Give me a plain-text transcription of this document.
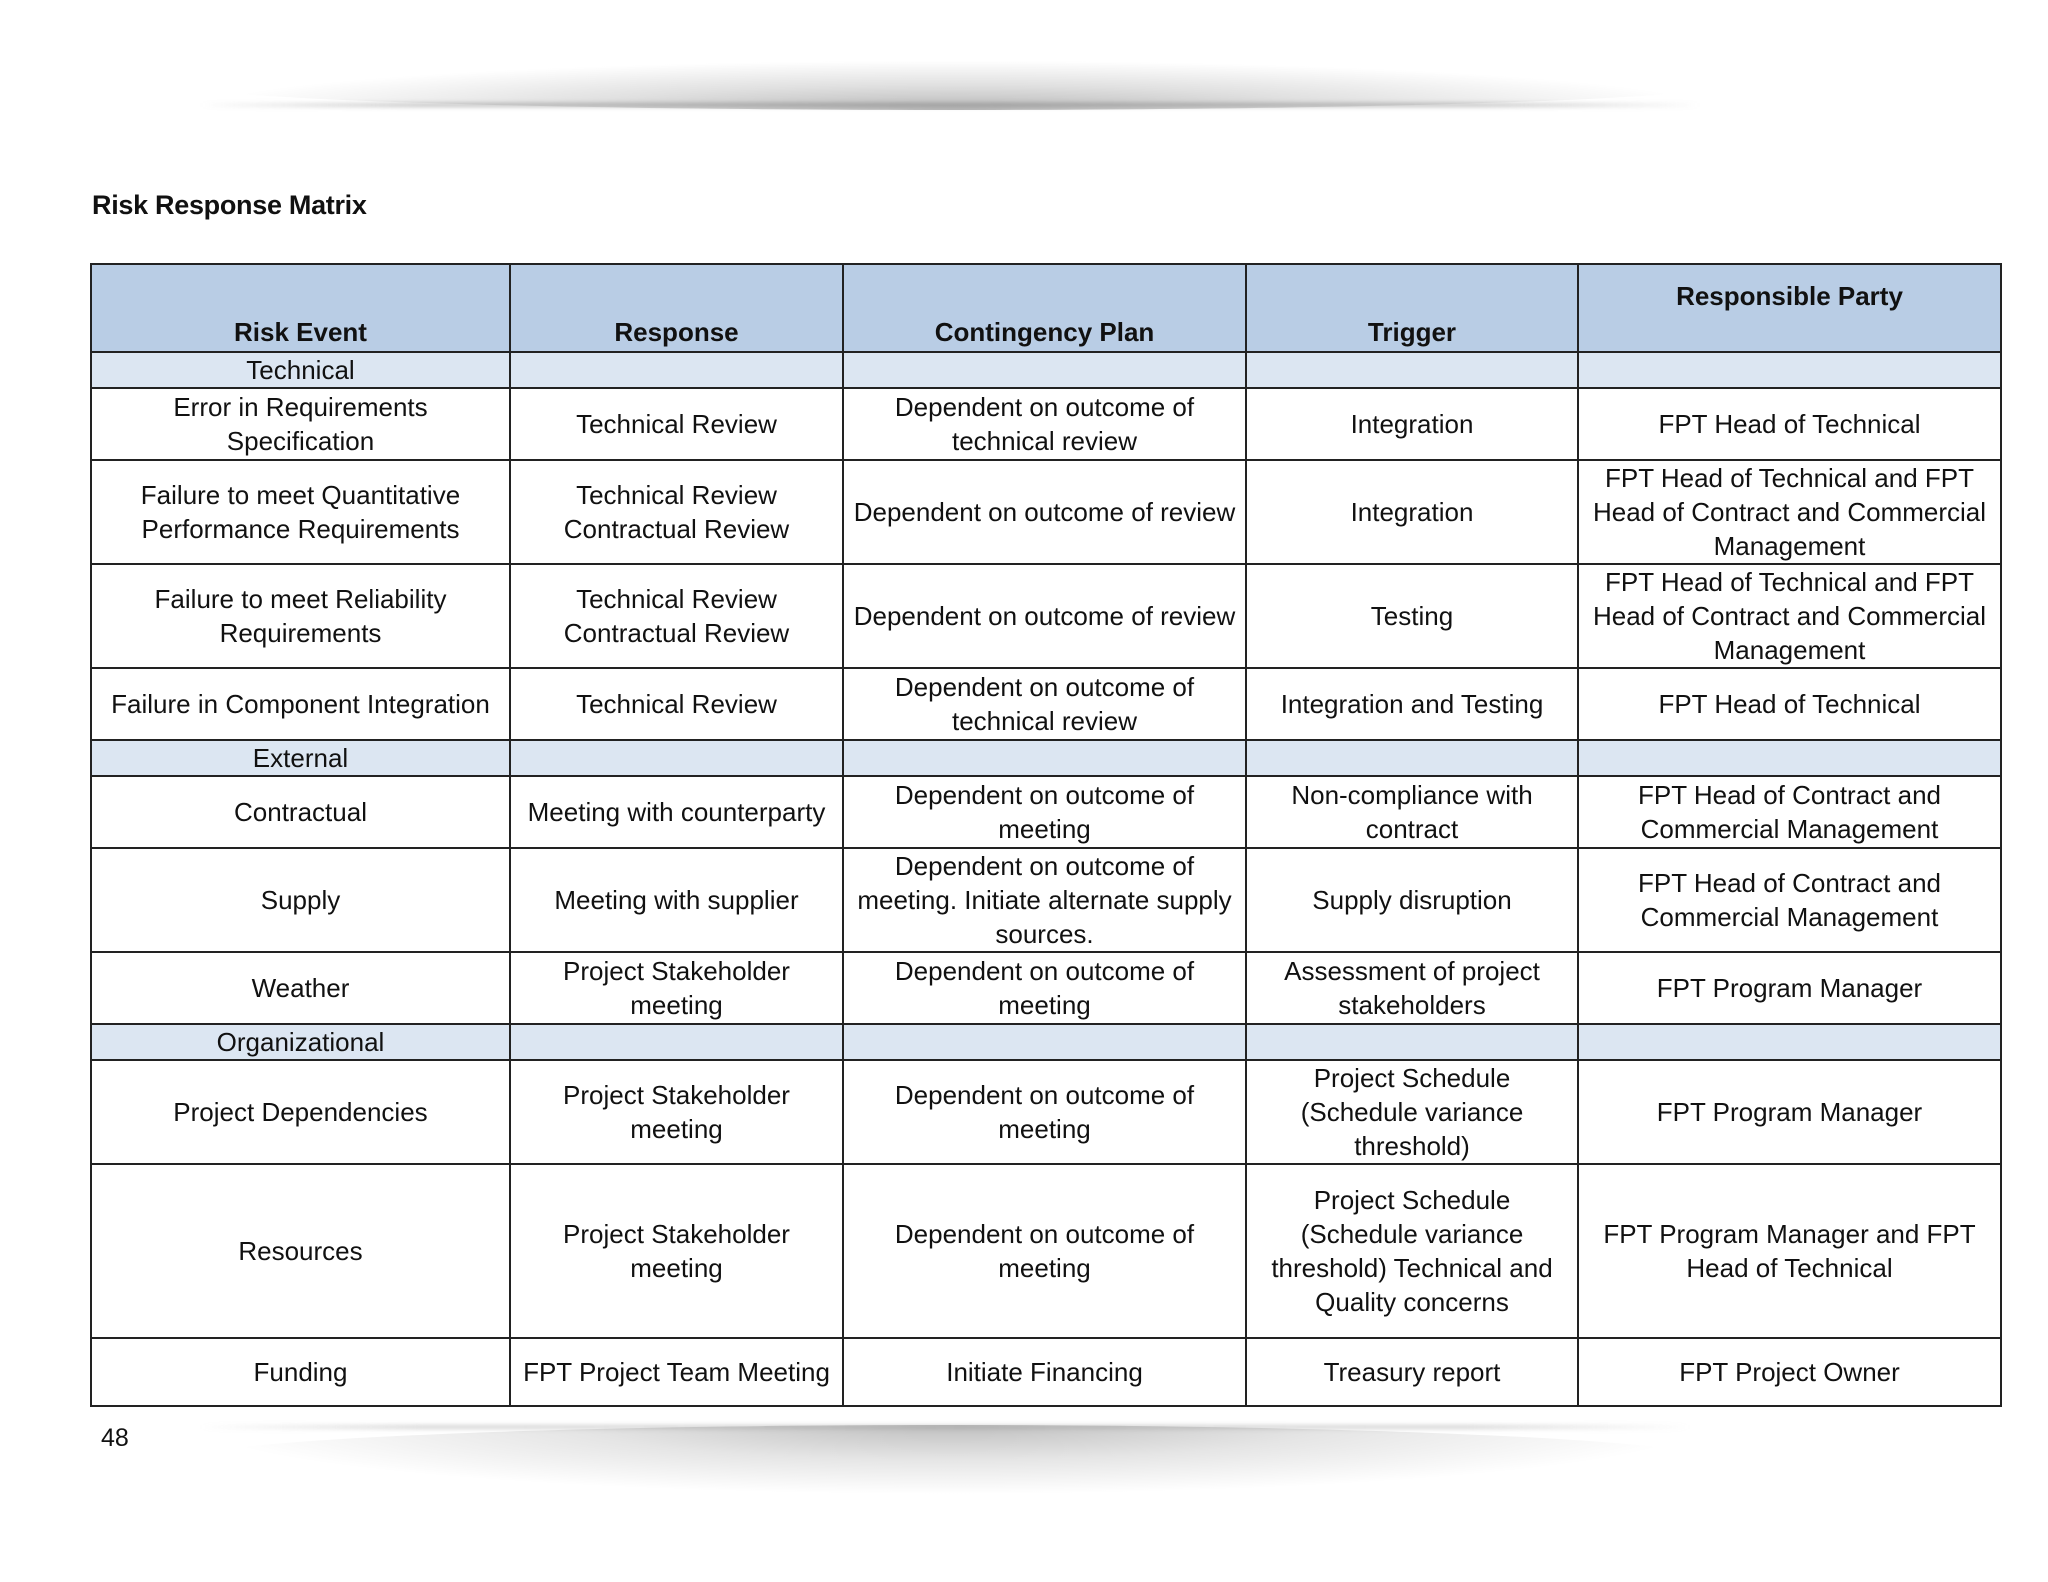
Risk Response Matrix
Risk Event	Response	Contingency Plan	Trigger	Responsible Party
Technical				
Error in Requirements Specification	Technical Review	Dependent on outcome of technical review	Integration	FPT Head of Technical
Failure to meet Quantitative Performance Requirements	Technical Review Contractual Review	Dependent on outcome of review	Integration	FPT Head of Technical and FPT Head of Contract and Commercial Management
Failure to meet Reliability Requirements	Technical Review Contractual Review	Dependent on outcome of review	Testing	FPT Head of Technical and FPT Head of Contract and Commercial Management
Failure in Component Integration	Technical Review	Dependent on outcome of technical review	Integration and Testing	FPT Head of Technical
External				
Contractual	Meeting with counterparty	Dependent on outcome of meeting	Non-compliance with contract	FPT Head of Contract and Commercial Management
Supply	Meeting with supplier	Dependent on outcome of meeting. Initiate alternate supply sources.	Supply disruption	FPT Head of Contract and Commercial Management
Weather	Project Stakeholder meeting	Dependent on outcome of meeting	Assessment of project stakeholders	FPT Program Manager
Organizational				
Project Dependencies	Project Stakeholder meeting	Dependent on outcome of meeting	Project Schedule (Schedule variance threshold)	FPT Program Manager
Resources	Project Stakeholder meeting	Dependent on outcome of meeting	Project Schedule (Schedule variance threshold) Technical and Quality concerns	FPT Program Manager and FPT Head of Technical
Funding	FPT Project Team Meeting	Initiate Financing	Treasury report	FPT Project Owner
48
